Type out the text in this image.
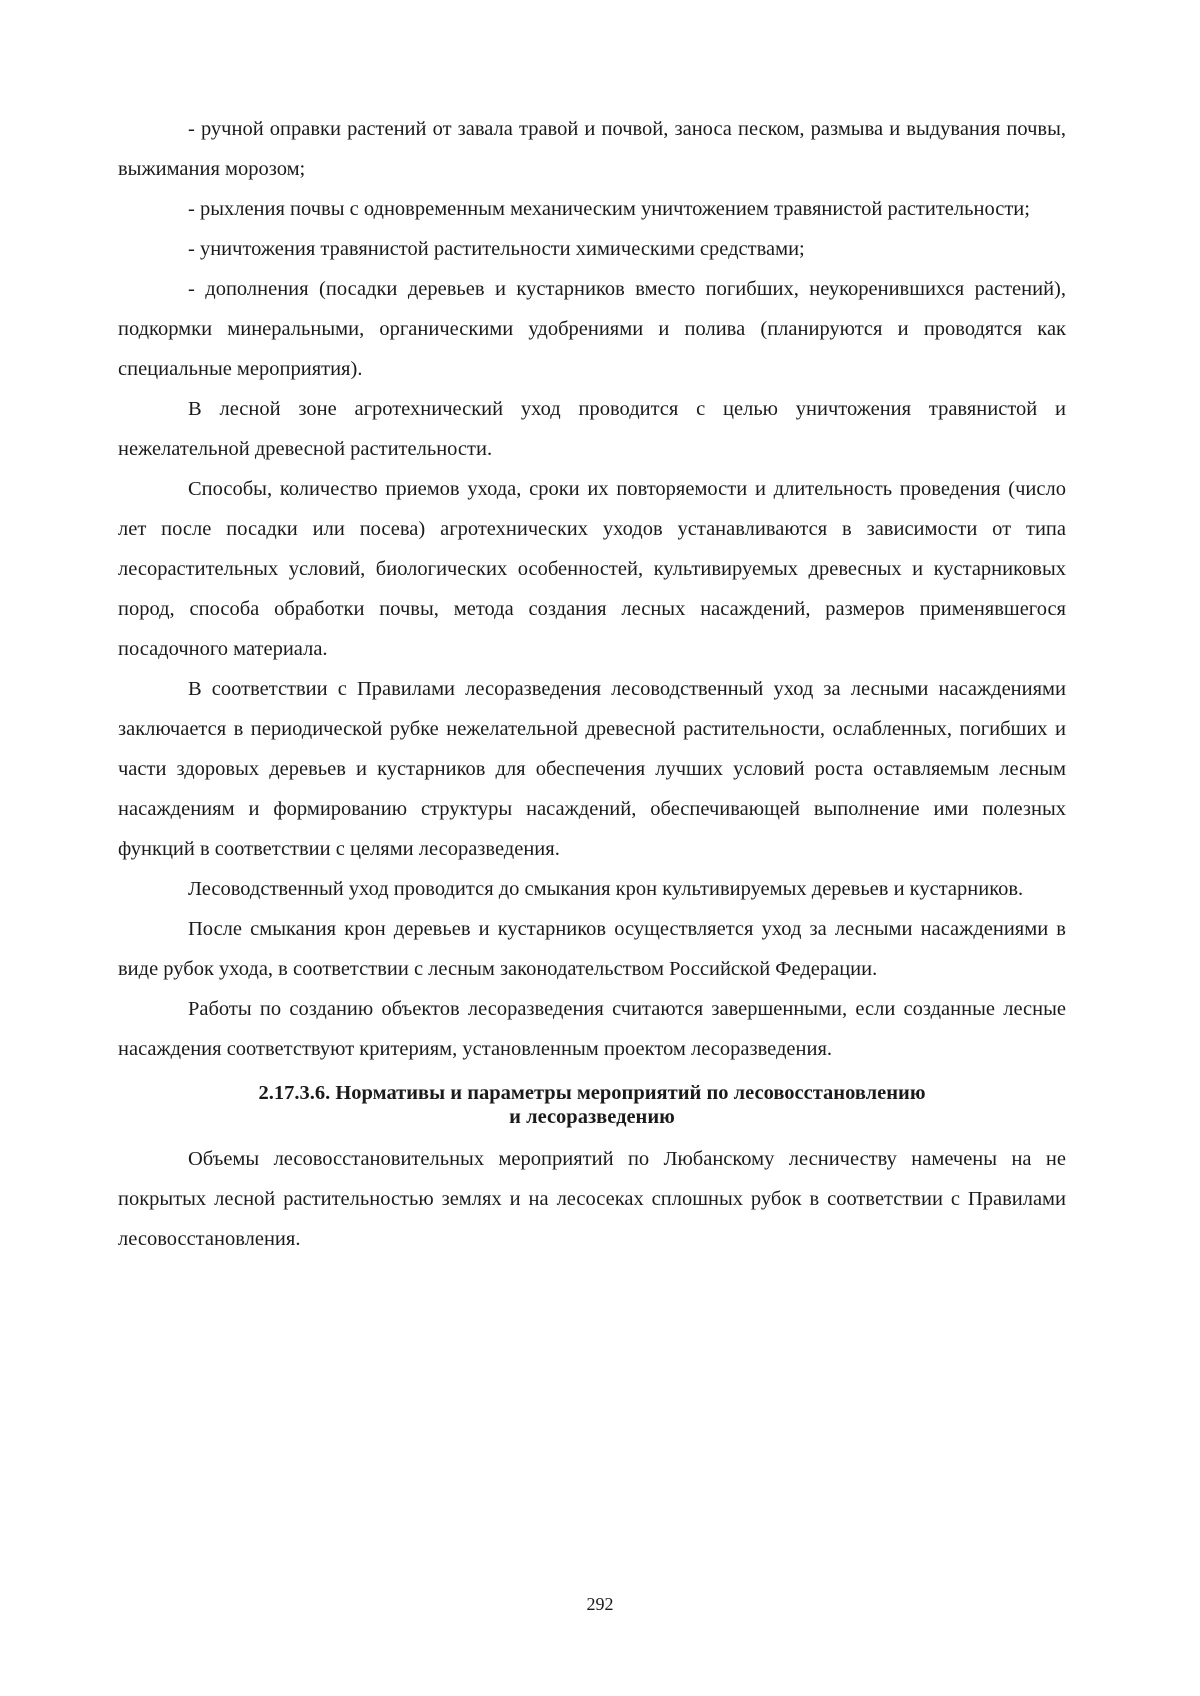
- ручной оправки растений от завала травой и почвой, заноса песком, размыва и выдувания почвы, выжимания морозом;

- рыхления почвы с одновременным механическим уничтожением травянистой растительности;

- уничтожения травянистой растительности химическими средствами;

- дополнения (посадки деревьев и кустарников вместо погибших, неукоренившихся растений), подкормки минеральными, органическими удобрениями и полива (планируются и проводятся как специальные мероприятия).

В лесной зоне агротехнический уход проводится с целью уничтожения травянистой и нежелательной древесной растительности.

Способы, количество приемов ухода, сроки их повторяемости и длительность проведения (число лет после посадки или посева) агротехнических уходов устанавливаются в зависимости от типа лесорастительных условий, биологических особенностей, культивируемых древесных и кустарниковых пород, способа обработки почвы, метода создания лесных насаждений, размеров применявшегося посадочного материала.

В соответствии с Правилами лесоразведения лесоводственный уход за лесными насаждениями заключается в периодической рубке нежелательной древесной растительности, ослабленных, погибших и части здоровых деревьев и кустарников для обеспечения лучших условий роста оставляемым лесным насаждениям и формированию структуры насаждений, обеспечивающей выполнение ими полезных функций в соответствии с целями лесоразведения.

Лесоводственный уход проводится до смыкания крон культивируемых деревьев и кустарников.

После смыкания крон деревьев и кустарников осуществляется уход за лесными насаждениями в виде рубок ухода, в соответствии с лесным законодательством Российской Федерации.

Работы по созданию объектов лесоразведения считаются завершенными, если созданные лесные насаждения соответствуют критериям, установленным проектом лесоразведения.

2.17.3.6. Нормативы и параметры мероприятий по лесовосстановлению
и лесоразведению

Объемы лесовосстановительных мероприятий по Любанскому лесничеству намечены на не покрытых лесной растительностью землях и на лесосеках сплошных рубок в соответствии с Правилами лесовосстановления.

292
